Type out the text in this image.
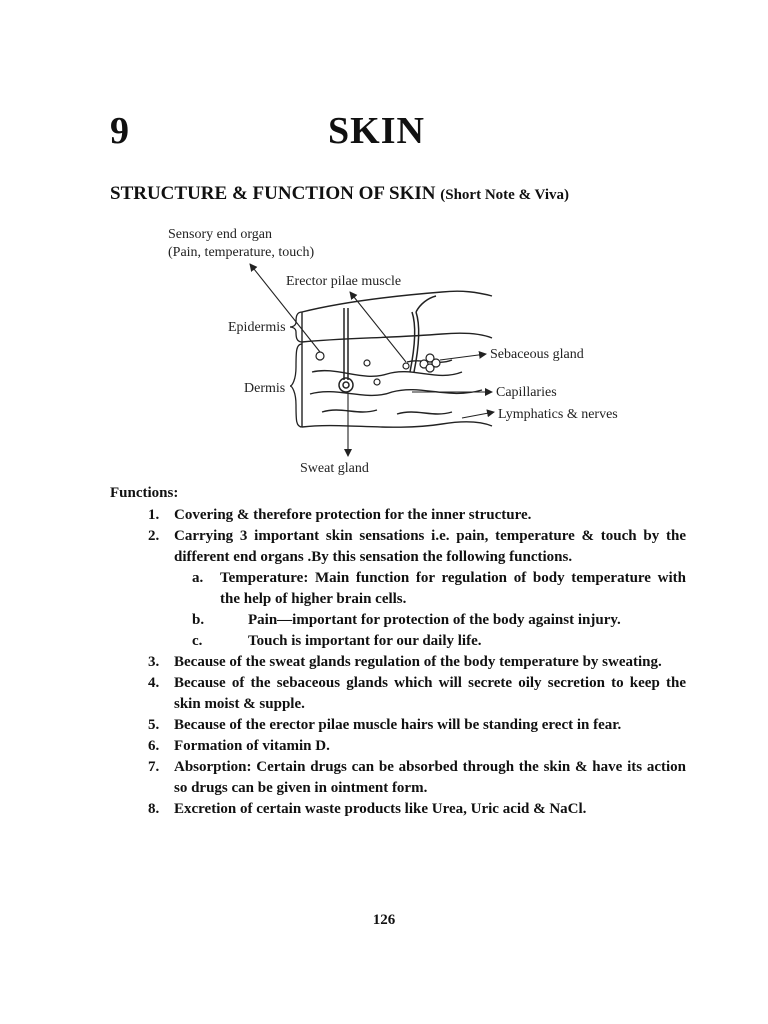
9	SKIN
STRUCTURE & FUNCTION OF SKIN (Short Note & Viva)
Sensory end organ
(Pain, temperature, touch)
Erector pilae muscle
Epidermis
Dermis
Sebaceous gland
Capillaries
Lymphatics & nerves
Sweat gland
Functions:
1. Covering & therefore protection for the inner structure.
2. Carrying 3 important skin sensations i.e. pain, temperature & touch by the different end organs .By this sensation the following functions.
a. Temperature: Main function for regulation of body temperature with the help of higher brain cells.
b.	Pain—important for protection of the body against injury.
c.	Touch is important for our daily life.
3. Because of the sweat glands regulation of the body temperature by sweating.
4. Because of the sebaceous glands which will secrete oily secretion to keep the skin moist & supple.
5. Because of the erector pilae muscle hairs will be standing erect in fear.
6. Formation of vitamin D.
7. Absorption: Certain drugs can be absorbed through the skin & have its action so drugs can be given in ointment form.
8. Excretion of certain waste products like Urea, Uric acid & NaCl.
126
